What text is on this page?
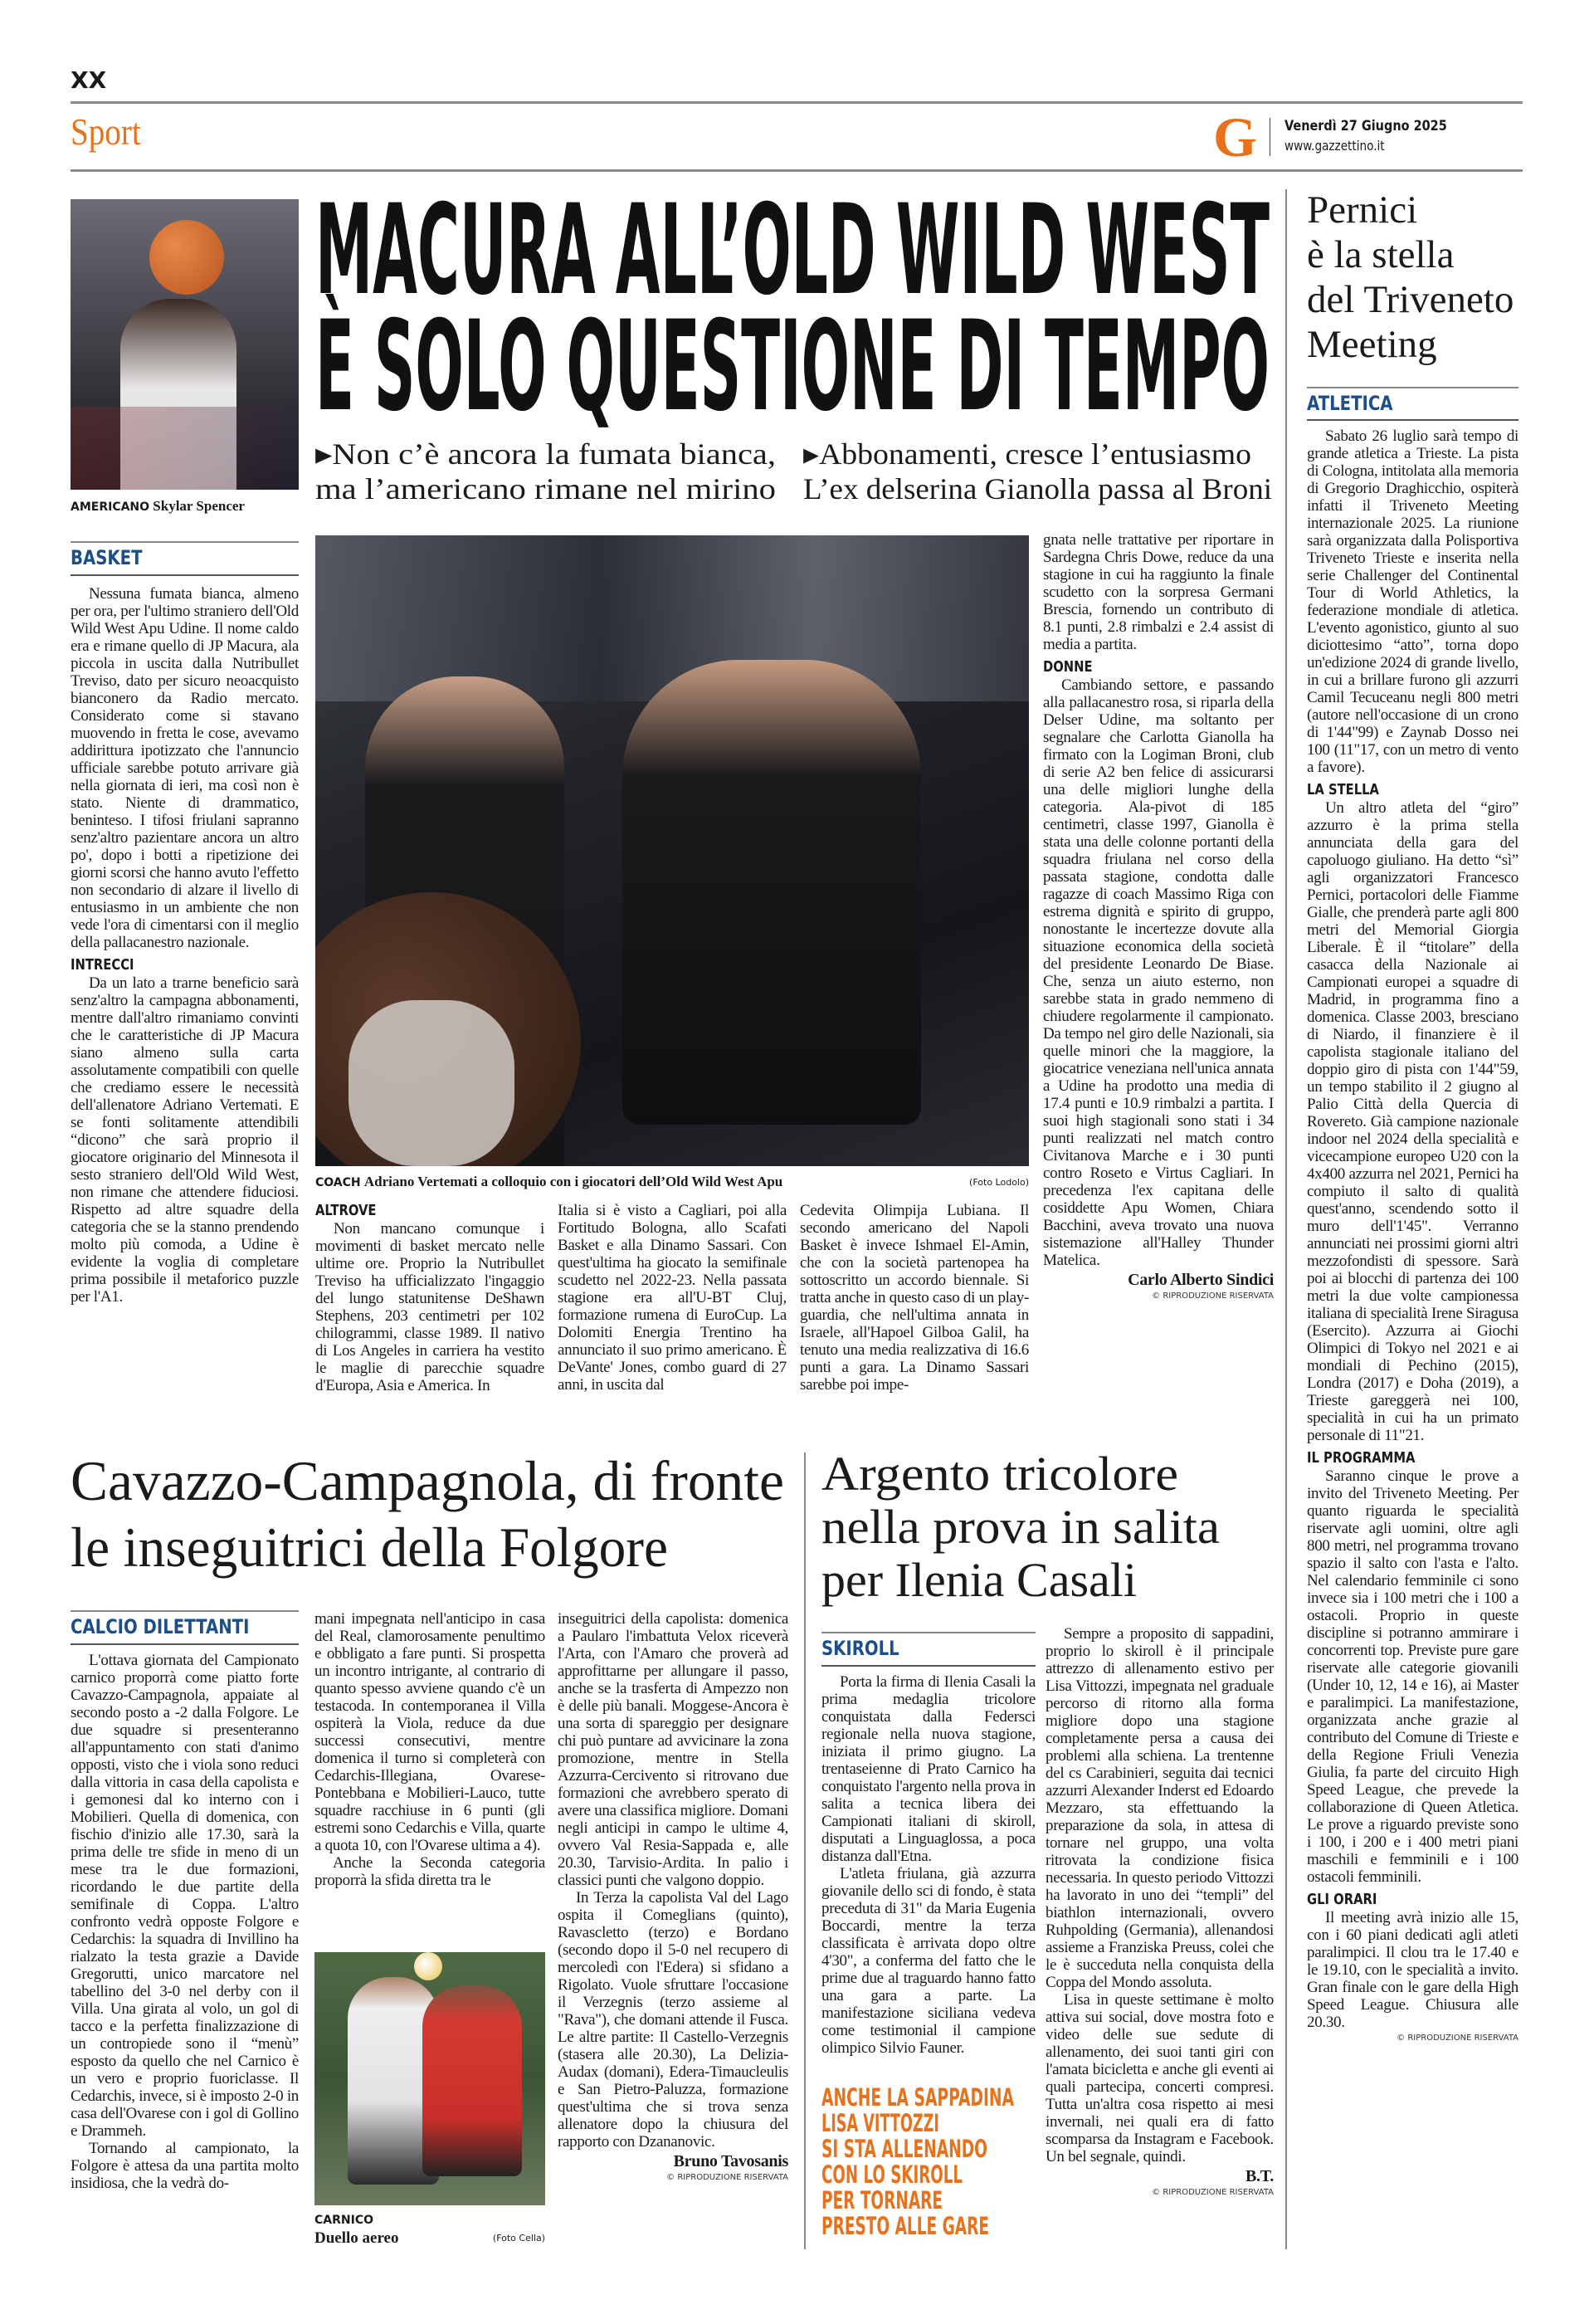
XX
Sport	G Venerdì 27 Giugno 2025
www.gazzettino.it
AMERICANO Skylar Spencer
MACURA ALL’OLD WILD WEST
È SOLO QUESTIONE DI TEMPO
▸Non c’è ancora la fumata bianca,
ma l’americano rimane nel mirino
▸Abbonamenti, cresce l’entusiasmo
L’ex delserina Gianolla passa al Broni
BASKET

Nessuna fumata bianca, almeno per ora, per l'ultimo straniero dell'Old Wild West Apu Udine. Il nome caldo era e rimane quello di JP Macura, ala piccola in uscita dalla Nutribullet Treviso, dato per sicuro neoacquisto bianconero da Radio mercato. Considerato come si stavano muovendo in fretta le cose, avevamo addirittura ipotizzato che l'annuncio ufficiale sarebbe potuto arrivare già nella giornata di ieri, ma così non è stato. Niente di drammatico, beninteso. I tifosi friulani sapranno senz'altro pazientare ancora un altro po', dopo i botti a ripetizione dei giorni scorsi che hanno avuto l'effetto non secondario di alzare il livello di entusiasmo in un ambiente che non vede l'ora di cimentarsi con il meglio della pallacanestro nazionale.

INTRECCI

Da un lato a trarne beneficio sarà senz'altro la campagna abbonamenti, mentre dall'altro rimaniamo convinti che le caratteristiche di JP Macura siano almeno sulla carta assolutamente compatibili con quelle che crediamo essere le necessità dell'allenatore Adriano Vertemati. E se fonti solitamente attendibili “dicono” che sarà proprio il giocatore originario del Minnesota il sesto straniero dell'Old Wild West, non rimane che attendere fiduciosi. Rispetto ad altre squadre della categoria che se la stanno prendendo molto più comoda, a Udine è evidente la voglia di completare prima possibile il metaforico puzzle per l'A1.

COACH Adriano Vertemati a colloquio con i giocatori dell’Old Wild West Apu	(Foto Lodolo)
ALTROVE

Non mancano comunque i movimenti di basket mercato nelle ultime ore. Proprio la Nutribullet Treviso ha ufficializzato l'ingaggio del lungo statunitense DeShawn Stephens, 203 centimetri per 102 chilogrammi, classe 1989. Il nativo di Los Angeles in carriera ha vestito le maglie di parecchie squadre d'Europa, Asia e America. In

Italia si è visto a Cagliari, poi alla Fortitudo Bologna, allo Scafati Basket e alla Dinamo Sassari. Con quest'ultima ha giocato la semifinale scudetto nel 2022-23. Nella passata stagione era all'U-BT Cluj, formazione rumena di EuroCup. La Dolomiti Energia Trentino ha annunciato il suo primo americano. È DeVante' Jones, combo guard di 27 anni, in uscita dal

Cedevita Olimpija Lubiana. Il secondo americano del Napoli Basket è invece Ishmael El-Amin, che con la società partenopea ha sottoscritto un accordo biennale. Si tratta anche in questo caso di un play-guardia, che nell'ultima annata in Israele, all'Hapoel Gilboa Galil, ha tenuto una media realizzativa di 16.6 punti a gara. La Dinamo Sassari sarebbe poi impe-

gnata nelle trattative per riportare in Sardegna Chris Dowe, reduce da una stagione in cui ha raggiunto la finale scudetto con la sorpresa Germani Brescia, fornendo un contributo di 8.1 punti, 2.8 rimbalzi e 2.4 assist di media a partita.

DONNE

Cambiando settore, e passando alla pallacanestro rosa, si riparla della Delser Udine, ma soltanto per segnalare che Carlotta Gianolla ha firmato con la Logiman Broni, club di serie A2 ben felice di assicurarsi una delle migliori lunghe della categoria. Ala-pivot di 185 centimetri, classe 1997, Gianolla è stata una delle colonne portanti della squadra friulana nel corso della passata stagione, condotta dalle ragazze di coach Massimo Riga con estrema dignità e spirito di gruppo, nonostante le incertezze dovute alla situazione economica della società del presidente Leonardo De Biase. Che, senza un aiuto esterno, non sarebbe stata in grado nemmeno di chiudere regolarmente il campionato. Da tempo nel giro delle Nazionali, sia quelle minori che la maggiore, la giocatrice veneziana nell'unica annata a Udine ha prodotto una media di 17.4 punti e 10.9 rimbalzi a partita. I suoi high stagionali sono stati i 34 punti realizzati nel match contro Civitanova Marche e i 30 punti contro Roseto e Virtus Cagliari. In precedenza l'ex capitana delle cosiddette Apu Women, Chiara Bacchini, aveva trovato una nuova sistemazione all'Halley Thunder Matelica.

Carlo Alberto Sindici
© RIPRODUZIONE RISERVATA
Pernici
è la stella
del Triveneto
Meeting
ATLETICA

Sabato 26 luglio sarà tempo di grande atletica a Trieste. La pista di Cologna, intitolata alla memoria di Gregorio Draghicchio, ospiterà infatti il Triveneto Meeting internazionale 2025. La riunione sarà organizzata dalla Polisportiva Triveneto Trieste e inserita nella serie Challenger del Continental Tour di World Athletics, la federazione mondiale di atletica. L'evento agonistico, giunto al suo diciottesimo “atto”, torna dopo un'edizione 2024 di grande livello, in cui a brillare furono gli azzurri Camil Tecuceanu negli 800 metri (autore nell'occasione di un crono di 1'44"99) e Zaynab Dosso nei 100 (11"17, con un metro di vento a favore).

LA STELLA

Un altro atleta del “giro” azzurro è la prima stella annunciata della gara del capoluogo giuliano. Ha detto “sì” agli organizzatori Francesco Pernici, portacolori delle Fiamme Gialle, che prenderà parte agli 800 metri del Memorial Giorgia Liberale. È il “titolare” della casacca della Nazionale ai Campionati europei a squadre di Madrid, in programma fino a domenica. Classe 2003, bresciano di Niardo, il finanziere è il capolista stagionale italiano del doppio giro di pista con 1'44"59, un tempo stabilito il 2 giugno al Palio Città della Quercia di Rovereto. Già campione nazionale indoor nel 2024 della specialità e vicecampione europeo U20 con la 4x400 azzurra nel 2021, Pernici ha compiuto il salto di qualità quest'anno, scendendo sotto il muro dell'1'45". Verranno annunciati nei prossimi giorni altri mezzofondisti di spessore. Sarà poi ai blocchi di partenza dei 100 metri la due volte campionessa italiana di specialità Irene Siragusa (Esercito). Azzurra ai Giochi Olimpici di Tokyo nel 2021 e ai mondiali di Pechino (2015), Londra (2017) e Doha (2019), a Trieste gareggerà nei 100, specialità in cui ha un primato personale di 11"21.

IL PROGRAMMA

Saranno cinque le prove a invito del Triveneto Meeting. Per quanto riguarda le specialità riservate agli uomini, oltre agli 800 metri, nel programma trovano spazio il salto con l'asta e l'alto. Nel calendario femminile ci sono invece sia i 100 metri che i 100 a ostacoli. Proprio in queste discipline si potranno ammirare i concorrenti top. Previste pure gare riservate alle categorie giovanili (Under 10, 12, 14 e 16), ai Master e paralimpici. La manifestazione, organizzata anche grazie al contributo del Comune di Trieste e della Regione Friuli Venezia Giulia, fa parte del circuito High Speed League, che prevede la collaborazione di Queen Atletica. Le prove a riguardo previste sono i 100, i 200 e i 400 metri piani maschili e femminili e i 100 ostacoli femminili.

GLI ORARI

Il meeting avrà inizio alle 15, con i 60 piani dedicati agli atleti paralimpici. Il clou tra le 17.40 e le 19.10, con le specialità a invito. Gran finale con le gare della High Speed League. Chiusura alle 20.30.

© RIPRODUZIONE RISERVATA
Cavazzo-Campagnola, di fronte
le inseguitrici della Folgore
CALCIO DILETTANTI

L'ottava giornata del Campionato carnico proporrà come piatto forte Cavazzo-Campagnola, appaiate al secondo posto a -2 dalla Folgore. Le due squadre si presenteranno all'appuntamento con stati d'animo opposti, visto che i viola sono reduci dalla vittoria in casa della capolista e i gemonesi dal ko interno con i Mobilieri. Quella di domenica, con fischio d'inizio alle 17.30, sarà la prima delle tre sfide in meno di un mese tra le due formazioni, ricordando le due partite della semifinale di Coppa. L'altro confronto vedrà opposte Folgore e Cedarchis: la squadra di Invillino ha rialzato la testa grazie a Davide Gregorutti, unico marcatore nel tabellino del 3-0 nel derby con il Villa. Una girata al volo, un gol di tacco e la perfetta finalizzazione di un contropiede sono il “menù” esposto da quello che nel Carnico è un vero e proprio fuoriclasse. Il Cedarchis, invece, si è imposto 2-0 in casa dell'Ovarese con i gol di Gollino e Drammeh.

Tornando al campionato, la Folgore è attesa da una partita molto insidiosa, che la vedrà do-

mani impegnata nell'anticipo in casa del Real, clamorosamente penultimo e obbligato a fare punti. Si prospetta un incontro intrigante, al contrario di quanto spesso avviene quando c'è un testacoda. In contemporanea il Villa ospiterà la Viola, reduce da due successi consecutivi, mentre domenica il turno si completerà con Cedarchis-Illegiana, Ovarese-Pontebbana e Mobilieri-Lauco, tutte squadre racchiuse in 6 punti (gli estremi sono Cedarchis e Villa, quarte a quota 10, con l'Ovarese ultima a 4).

Anche la Seconda categoria proporrà la sfida diretta tra le

CARNICO
Duello aereo	(Foto Cella)

inseguitrici della capolista: domenica a Paularo l'imbattuta Velox riceverà l'Arta, con l'Amaro che proverà ad approfittarne per allungare il passo, anche se la trasferta di Ampezzo non è delle più banali. Moggese-Ancora è una sorta di spareggio per designare chi può puntare ad avvicinare la zona promozione, mentre in Stella Azzurra-Cercivento si ritrovano due formazioni che avrebbero sperato di avere una classifica migliore. Domani negli anticipi in campo le ultime 4, ovvero Val Resia-Sappada e, alle 20.30, Tarvisio-Ardita. In palio i classici punti che valgono doppio.

In Terza la capolista Val del Lago ospita il Comeglians (quinto), Ravascletto (terzo) e Bordano (secondo dopo il 5-0 nel recupero di mercoledì con l'Edera) si sfidano a Rigolato. Vuole sfruttare l'occasione il Verzegnis (terzo assieme al "Rava"), che domani attende il Fusca. Le altre partite: Il Castello-Verzegnis (stasera alle 20.30), La Delizia-Audax (domani), Edera-Timaucleulis e San Pietro-Paluzza, formazione quest'ultima che si trova senza allenatore dopo la chiusura del rapporto con Dzananovic.

Bruno Tavosanis
© RIPRODUZIONE RISERVATA
Argento tricolore
nella prova in salita
per Ilenia Casali
SKIROLL

Porta la firma di Ilenia Casali la prima medaglia tricolore conquistata dalla Federsci regionale nella nuova stagione, iniziata il primo giugno. La trentaseienne di Prato Carnico ha conquistato l'argento nella prova in salita a tecnica libera dei Campionati italiani di skiroll, disputati a Linguaglossa, a poca distanza dall'Etna.

L'atleta friulana, già azzurra giovanile dello sci di fondo, è stata preceduta di 31" da Maria Eugenia Boccardi, mentre la terza classificata è arrivata dopo oltre 4'30", a conferma del fatto che le prime due al traguardo hanno fatto una gara a parte. La manifestazione siciliana vedeva come testimonial il campione olimpico Silvio Fauner.

ANCHE LA SAPPADINA
LISA VITTOZZI
SI STA ALLENANDO
CON LO SKIROLL
PER TORNARE
PRESTO ALLE GARE

Sempre a proposito di sappadini, proprio lo skiroll è il principale attrezzo di allenamento estivo per Lisa Vittozzi, impegnata nel graduale percorso di ritorno alla forma migliore dopo una stagione completamente persa a causa dei problemi alla schiena. La trentenne del cs Carabinieri, seguita dai tecnici azzurri Alexander Inderst ed Edoardo Mezzaro, sta effettuando la preparazione da sola, in attesa di tornare nel gruppo, una volta ritrovata la condizione fisica necessaria. In questo periodo Vittozzi ha lavorato in uno dei “templi” del biathlon internazionali, ovvero Ruhpolding (Germania), allenandosi assieme a Franziska Preuss, colei che le è succeduta nella conquista della Coppa del Mondo assoluta.

Lisa in queste settimane è molto attiva sui social, dove mostra foto e video delle sue sedute di allenamento, dei suoi tanti giri con l'amata bicicletta e anche gli eventi ai quali partecipa, concerti compresi. Tutta un'altra cosa rispetto ai mesi invernali, nei quali era di fatto scomparsa da Instagram e Facebook. Un bel segnale, quindi.

B.T.
© RIPRODUZIONE RISERVATA
